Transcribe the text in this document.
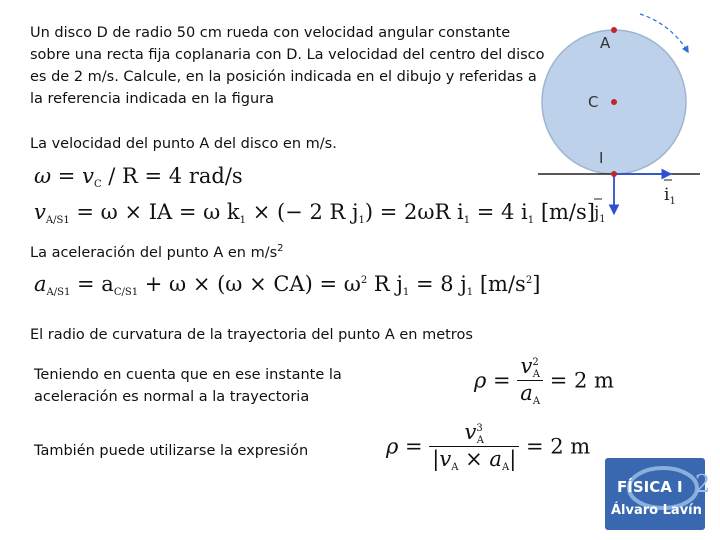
Un disco D de radio 50 cm rueda con velocidad angular constante
sobre una recta fija coplanaria con D. La velocidad del centro del disco
es de 2 m/s. Calcule, en la posición indicada en el dibujo y referidas a
la referencia indicada en la figura
La velocidad del punto A del disco en m/s.
$\omega = v_C / R = 4$ rad/s
$v_{A/S1} = \omega$ × IA = ω $k_1$ × (− 2 R $j_1) = 2\omega R$ $i_1 = 4$ $i_1$ [m/s]
La aceleración del punto A en $m/s^2$
$a_{A/S1} = a_{C/S1} + \omega \times (\omega \times CA) = \omega^2$ R $j_1 = 8$ $j_1$ $[m/s^2]$
El radio de curvatura de la trayectoria del punto A en metros
Teniendo en cuenta que en ese instante la
aceleración es normal a la trayectoria
$\rho = \frac{v^2_A}{a_A} = 2$ m
También puede utilizarse la expresión	$\rho = \frac{v^3_A}{|v_A \times a_A|} = 2$ m
A
C
I
$i_1$
$j_1$
2
FÍSICA I
Álvaro Lavín
